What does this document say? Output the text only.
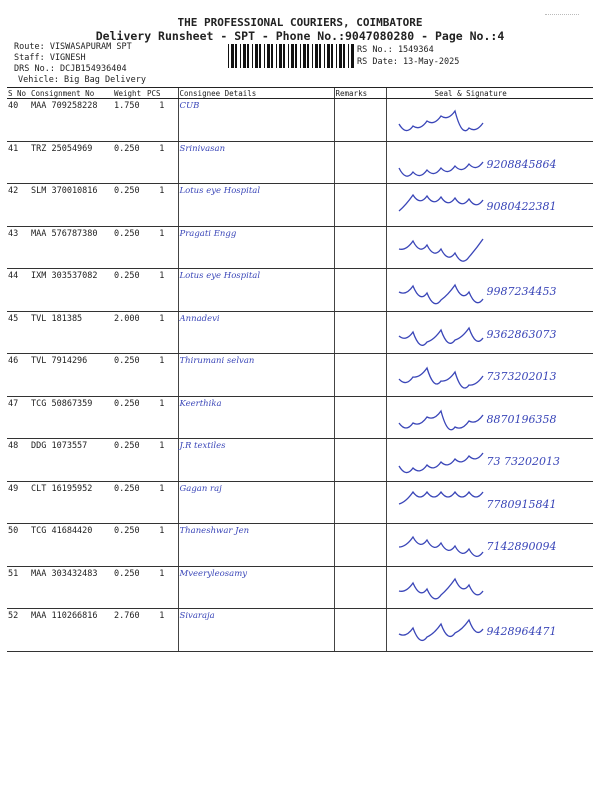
THE PROFESSIONAL COURIERS, COIMBATORE
Delivery Runsheet - SPT - Phone No.:9047080280 - Page No.:4
Route: VISWASAPURAM SPT
Staff: VIGNESH
DRS No.: DCJB154936404
Vehicle: Big Bag Delivery
RS No.: 1549364
RS Date: 13-May-2025
S No	Consignment No	Weight	PCS	Consignee Details	Remarks	Seal & Signature
40	MAA 709258228	1.750	1	CUB		

41	TRZ 25054969	0.250	1	Srinivasan		9208845864

42	SLM 370010816	0.250	1	Lotus eye Hospital		9080422381

43	MAA 576787380	0.250	1	Pragati Engg		

44	IXM 303537082	0.250	1	Lotus eye Hospital		9987234453

45	TVL 181385	2.000	1	Annadevi		9362863073

46	TVL 7914296	0.250	1	Thirumani selvan		7373202013

47	TCG 50867359	0.250	1	Keerthika		8870196358

48	DDG 1073557	0.250	1	J.R textiles		73 73202013

49	CLT 16195952	0.250	1	Gagan raj		7780915841

50	TCG 41684420	0.250	1	Thaneshwar Jen		7142890094

51	MAA 303432483	0.250	1	Mveeryleosamy		

52	MAA 110266816	2.760	1	Sivaraja		9428964471
